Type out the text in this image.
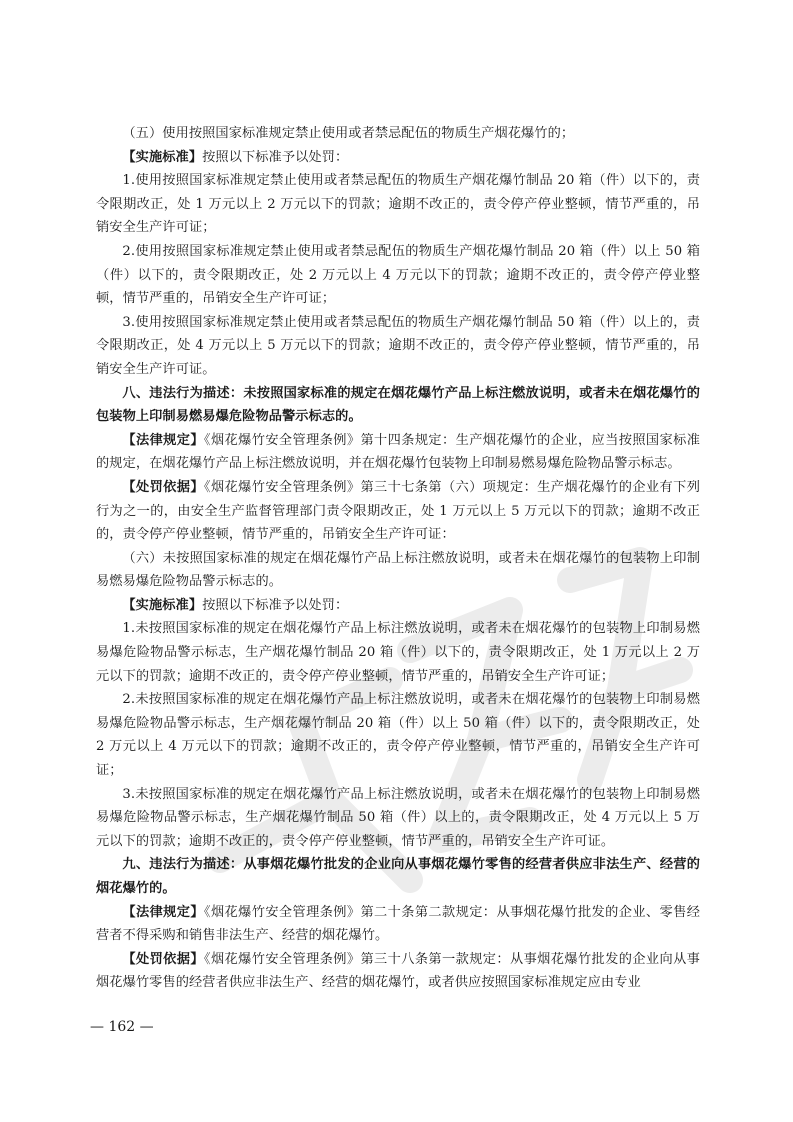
（五）使用按照国家标准规定禁止使用或者禁忌配伍的物质生产烟花爆竹的；

【实施标准】按照以下标准予以处罚：

1.使用按照国家标准规定禁止使用或者禁忌配伍的物质生产烟花爆竹制品 20 箱（件）以下的，责令限期改正，处 1 万元以上 2 万元以下的罚款；逾期不改正的，责令停产停业整顿，情节严重的，吊销安全生产许可证；

2.使用按照国家标准规定禁止使用或者禁忌配伍的物质生产烟花爆竹制品 20 箱（件）以上 50 箱（件）以下的，责令限期改正，处 2 万元以上 4 万元以下的罚款；逾期不改正的，责令停产停业整顿，情节严重的，吊销安全生产许可证；

3.使用按照国家标准规定禁止使用或者禁忌配伍的物质生产烟花爆竹制品 50 箱（件）以上的，责令限期改正，处 4 万元以上 5 万元以下的罚款；逾期不改正的，责令停产停业整顿，情节严重的，吊销安全生产许可证。

八、违法行为描述：未按照国家标准的规定在烟花爆竹产品上标注燃放说明，或者未在烟花爆竹的包装物上印制易燃易爆危险物品警示标志的。

【法律规定】《烟花爆竹安全管理条例》第十四条规定：生产烟花爆竹的企业，应当按照国家标准的规定，在烟花爆竹产品上标注燃放说明，并在烟花爆竹包装物上印制易燃易爆危险物品警示标志。

【处罚依据】《烟花爆竹安全管理条例》第三十七条第（六）项规定：生产烟花爆竹的企业有下列行为之一的，由安全生产监督管理部门责令限期改正，处 1 万元以上 5 万元以下的罚款；逾期不改正的，责令停产停业整顿，情节严重的，吊销安全生产许可证：

（六）未按照国家标准的规定在烟花爆竹产品上标注燃放说明，或者未在烟花爆竹的包装物上印制易燃易爆危险物品警示标志的。

【实施标准】按照以下标准予以处罚：

1.未按照国家标准的规定在烟花爆竹产品上标注燃放说明，或者未在烟花爆竹的包装物上印制易燃易爆危险物品警示标志，生产烟花爆竹制品 20 箱（件）以下的，责令限期改正，处 1 万元以上 2 万元以下的罚款；逾期不改正的，责令停产停业整顿，情节严重的，吊销安全生产许可证；

2.未按照国家标准的规定在烟花爆竹产品上标注燃放说明，或者未在烟花爆竹的包装物上印制易燃易爆危险物品警示标志，生产烟花爆竹制品 20 箱（件）以上 50 箱（件）以下的，责令限期改正，处 2 万元以上 4 万元以下的罚款；逾期不改正的，责令停产停业整顿，情节严重的，吊销安全生产许可证；

3.未按照国家标准的规定在烟花爆竹产品上标注燃放说明，或者未在烟花爆竹的包装物上印制易燃易爆危险物品警示标志，生产烟花爆竹制品 50 箱（件）以上的，责令限期改正，处 4 万元以上 5 万元以下的罚款；逾期不改正的，责令停产停业整顿，情节严重的，吊销安全生产许可证。

九、违法行为描述：从事烟花爆竹批发的企业向从事烟花爆竹零售的经营者供应非法生产、经营的烟花爆竹的。

【法律规定】《烟花爆竹安全管理条例》第二十条第二款规定：从事烟花爆竹批发的企业、零售经营者不得采购和销售非法生产、经营的烟花爆竹。

【处罚依据】《烟花爆竹安全管理条例》第三十八条第一款规定：从事烟花爆竹批发的企业向从事烟花爆竹零售的经营者供应非法生产、经营的烟花爆竹，或者供应按照国家标准规定应由专业

— 162 —
